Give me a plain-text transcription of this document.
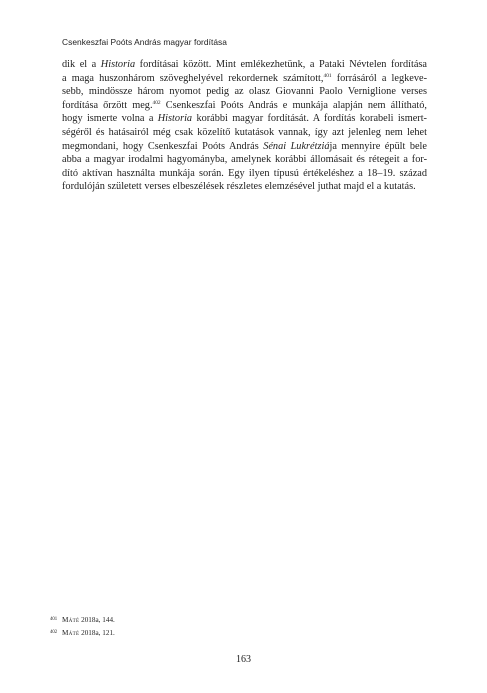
Csenkeszfai Poóts András magyar fordítása
dik el a Historia fordításai között. Mint emlékezhetünk, a Pataki Névtelen fordítása
a maga huszonhárom szöveghelyével rekordernek számított,$^{401}$ forrásáról a legkeve-
sebb, mindössze három nyomot pedig az olasz Giovanni Paolo Verniglione verses
fordítása őrzött meg.$^{402}$ Csenkeszfai Poóts András e munkája alapján nem állítható,
hogy ismerte volna a Historia korábbi magyar fordítását. A fordítás korabeli ismert-
ségéről és hatásairól még csak közelítő kutatások vannak, így azt jelenleg nem lehet
megmondani, hogy Csenkeszfai Poóts András Sénai Lukrétziája mennyire épült bele
abba a magyar irodalmi hagyományba, amelynek korábbi állomásait és rétegeit a for-
dító aktívan használta munkája során. Egy ilyen típusú értékeléshez a 18–19. század
fordulóján született verses elbeszélések részletes elemzésével juthat majd el a kutatás.
401 Máté 2018a, 144.
402 Máté 2018a, 121.
163
